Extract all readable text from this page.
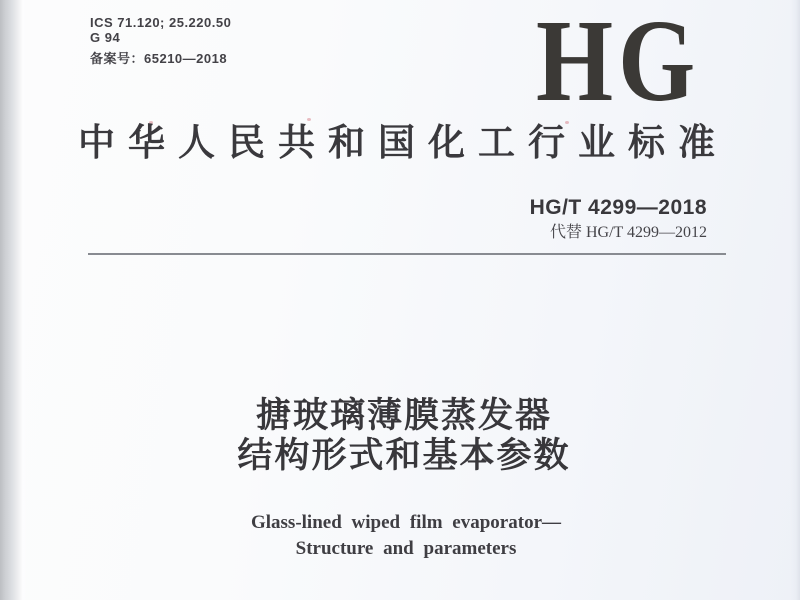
ICS 71.120; 25.220.50
G 94
备案号：65210—2018	HG
中华人民共和国化工行业标准
HG/T 4299—2018
代替 HG/T 4299—2012
搪玻璃薄膜蒸发器
结构形式和基本参数
Glass-lined wiped film evaporator—
Structure and parameters
